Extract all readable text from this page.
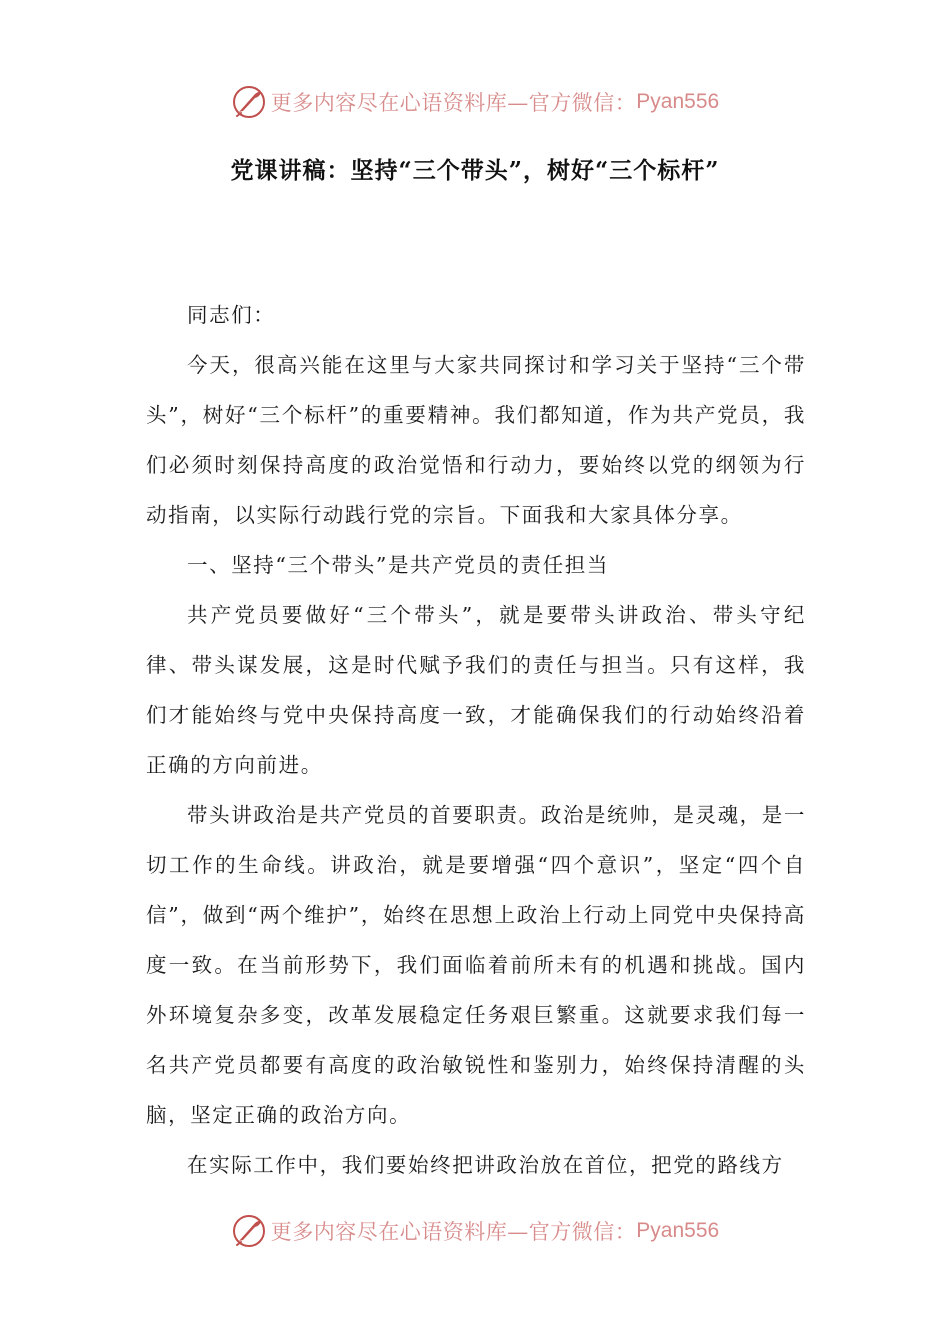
更多内容尽在心语资料库—官方微信： Pyan556
党课讲稿：坚持“三个带头”，树好“三个标杆”

同志们：

今天，很高兴能在这里与大家共同探讨和学习关于坚持“三个带头”，树好“三个标杆”的重要精神。我们都知道，作为共产党员，我们必须时刻保持高度的政治觉悟和行动力，要始终以党的纲领为行动指南，以实际行动践行党的宗旨。下面我和大家具体分享。

一、坚持“三个带头”是共产党员的责任担当

共产党员要做好“三个带头”，就是要带头讲政治、带头守纪律、带头谋发展，这是时代赋予我们的责任与担当。只有这样，我们才能始终与党中央保持高度一致，才能确保我们的行动始终沿着正确的方向前进。

带头讲政治是共产党员的首要职责。政治是统帅，是灵魂，是一切工作的生命线。讲政治，就是要增强“四个意识”，坚定“四个自信”，做到“两个维护”，始终在思想上政治上行动上同党中央保持高度一致。在当前形势下，我们面临着前所未有的机遇和挑战。国内外环境复杂多变，改革发展稳定任务艰巨繁重。这就要求我们每一名共产党员都要有高度的政治敏锐性和鉴别力，始终保持清醒的头脑，坚定正确的政治方向。

在实际工作中，我们要始终把讲政治放在首位，把党的路线方

更多内容尽在心语资料库—官方微信： Pyan556
